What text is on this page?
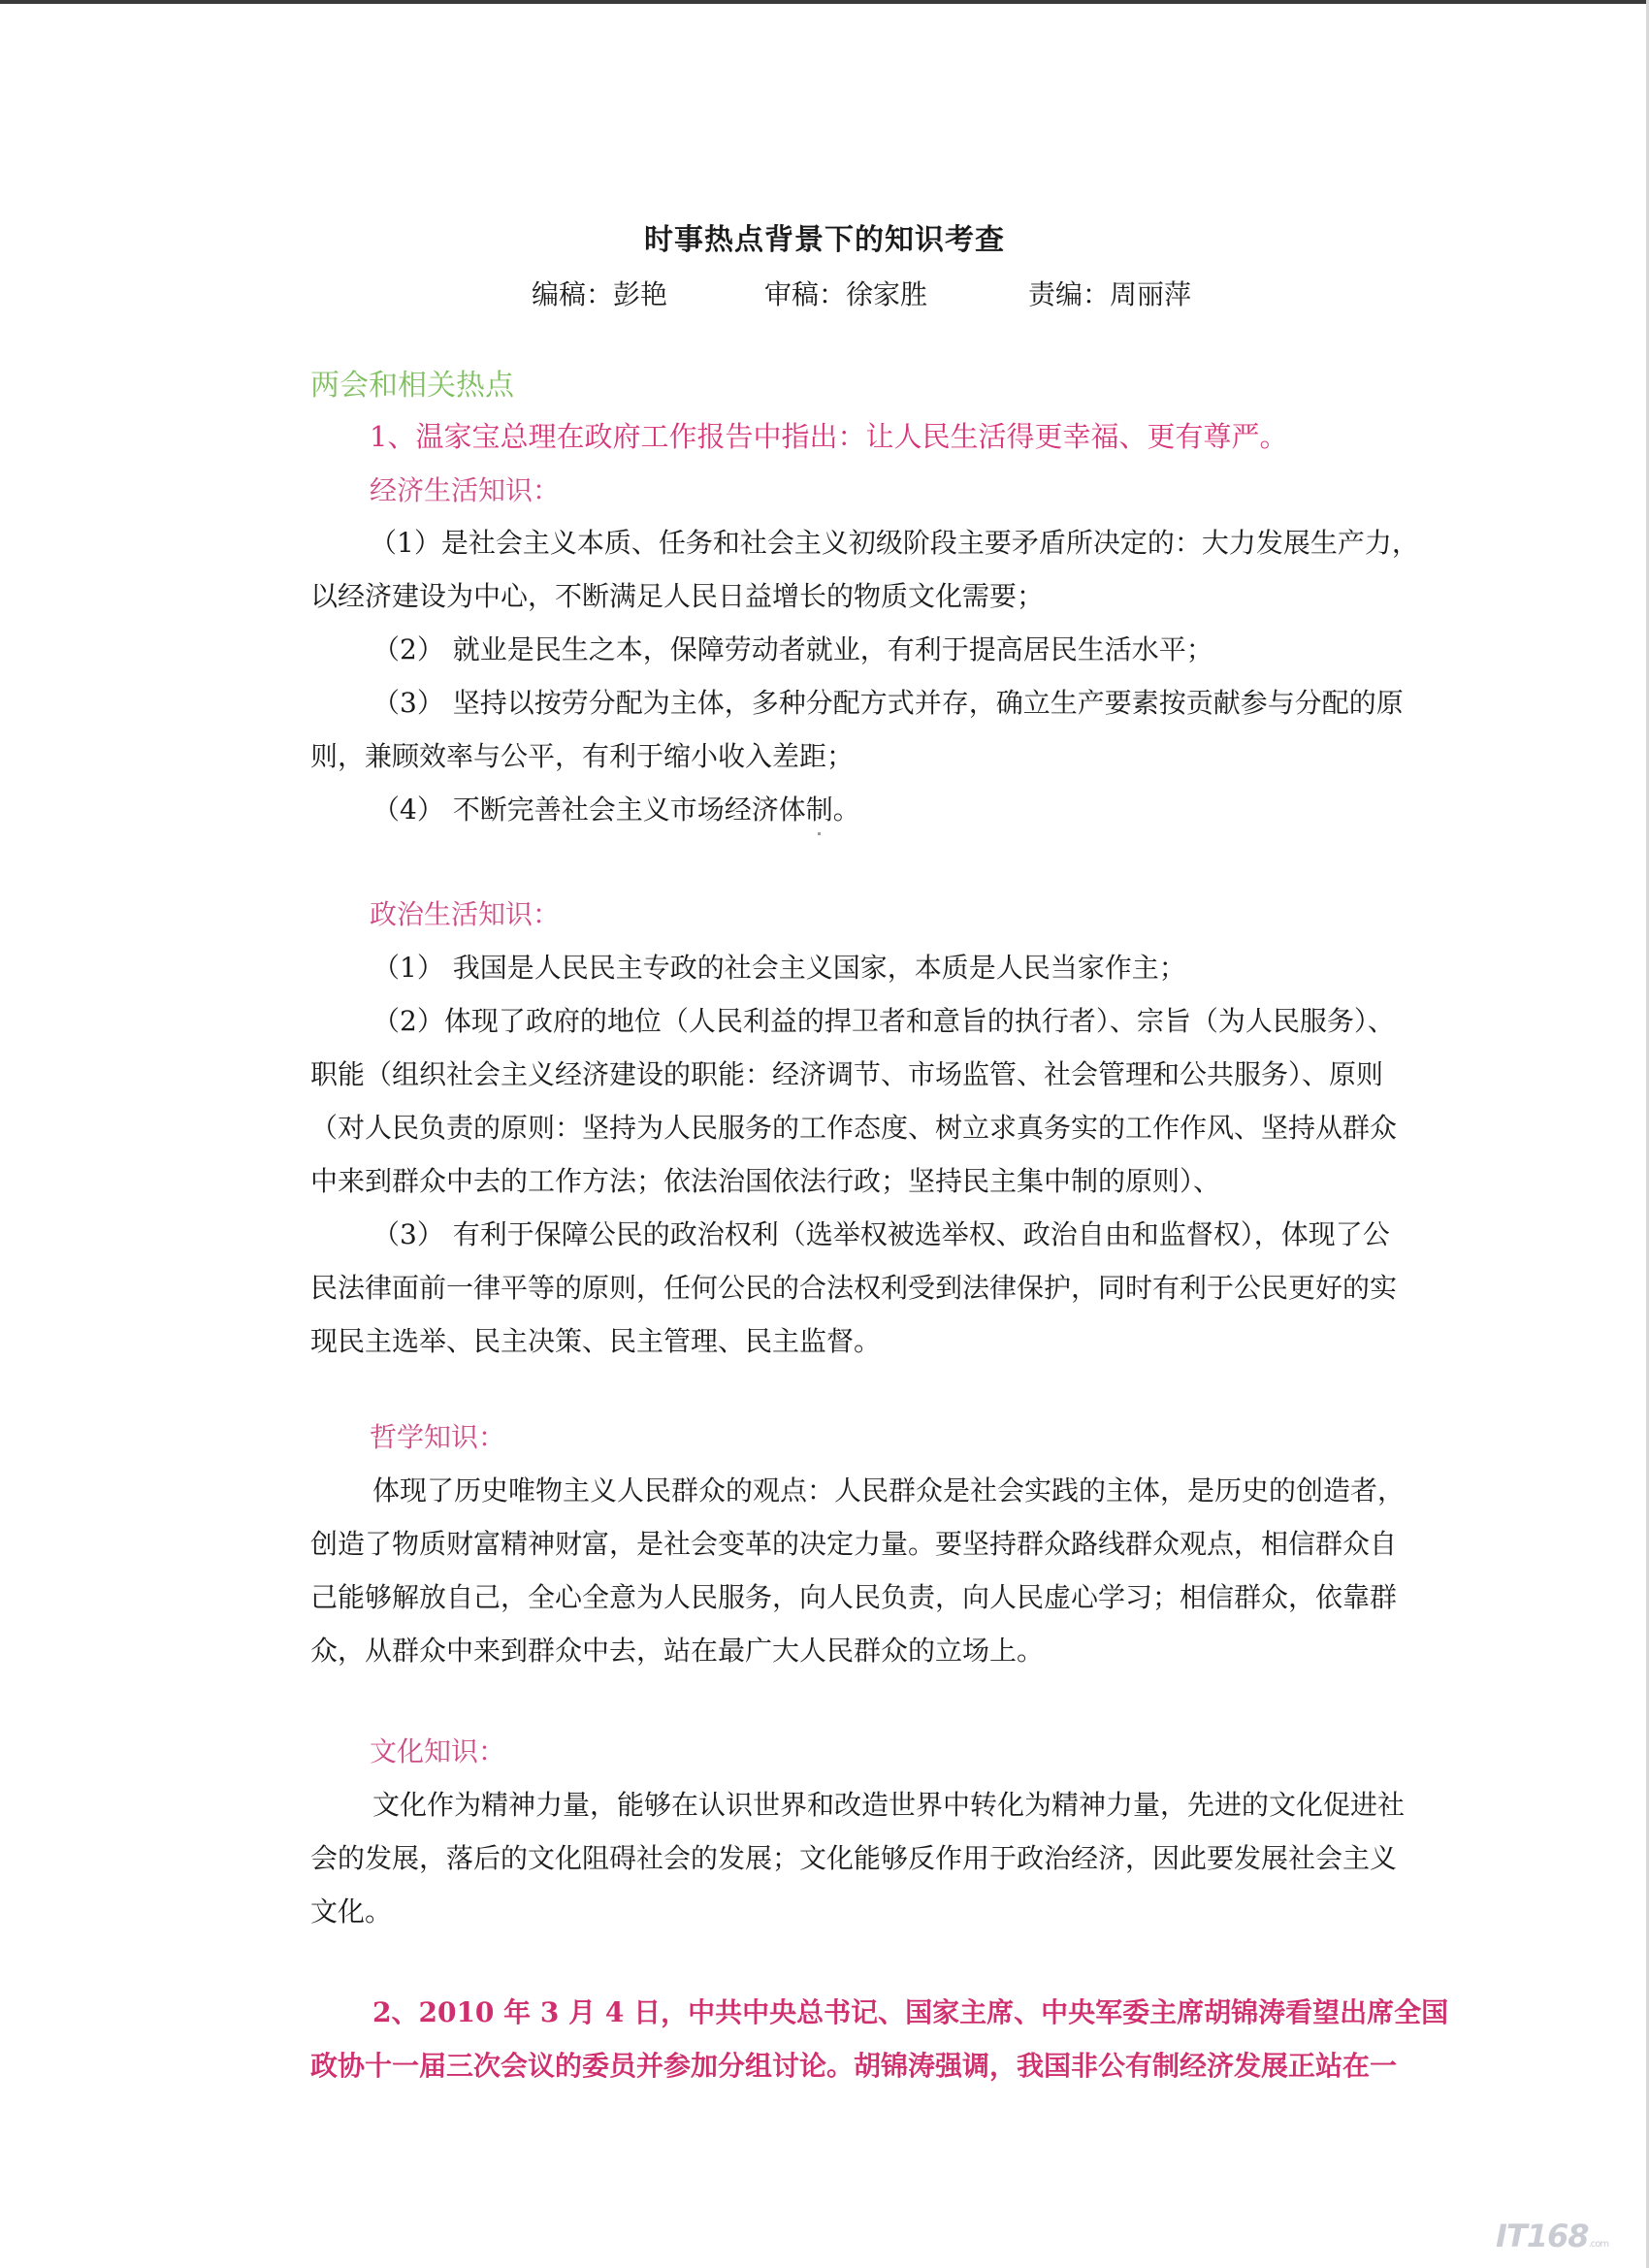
时事热点背景下的知识考查
编稿：彭艳	审稿：徐家胜	责编：周丽萍
两会和相关热点
1、温家宝总理在政府工作报告中指出：让人民生活得更幸福、更有尊严。
经济生活知识：
（1）是社会主义本质、任务和社会主义初级阶段主要矛盾所决定的：大力发展生产力，
以经济建设为中心，不断满足人民日益增长的物质文化需要；
（2） 就业是民生之本，保障劳动者就业，有利于提高居民生活水平；
（3） 坚持以按劳分配为主体，多种分配方式并存，确立生产要素按贡献参与分配的原
则，兼顾效率与公平，有利于缩小收入差距；
（4） 不断完善社会主义市场经济体制。
政治生活知识：
（1） 我国是人民民主专政的社会主义国家，本质是人民当家作主；
（2）体现了政府的地位（人民利益的捍卫者和意旨的执行者）、宗旨（为人民服务）、
职能（组织社会主义经济建设的职能：经济调节、市场监管、社会管理和公共服务）、原则
（对人民负责的原则：坚持为人民服务的工作态度、树立求真务实的工作作风、坚持从群众
中来到群众中去的工作方法；依法治国依法行政；坚持民主集中制的原则）、
（3） 有利于保障公民的政治权利（选举权被选举权、政治自由和监督权），体现了公
民法律面前一律平等的原则，任何公民的合法权利受到法律保护，同时有利于公民更好的实
现民主选举、民主决策、民主管理、民主监督。
哲学知识：
体现了历史唯物主义人民群众的观点：人民群众是社会实践的主体，是历史的创造者，
创造了物质财富精神财富，是社会变革的决定力量。要坚持群众路线群众观点，相信群众自
己能够解放自己，全心全意为人民服务，向人民负责，向人民虚心学习；相信群众，依靠群
众，从群众中来到群众中去，站在最广大人民群众的立场上。
文化知识：
文化作为精神力量，能够在认识世界和改造世界中转化为精神力量，先进的文化促进社
会的发展，落后的文化阻碍社会的发展；文化能够反作用于政治经济，因此要发展社会主义
文化。
2、2010 年 3 月 4 日，中共中央总书记、国家主席、中央军委主席胡锦涛看望出席全国
政协十一届三次会议的委员并参加分组讨论。胡锦涛强调，我国非公有制经济发展正站在一
IT168.com
